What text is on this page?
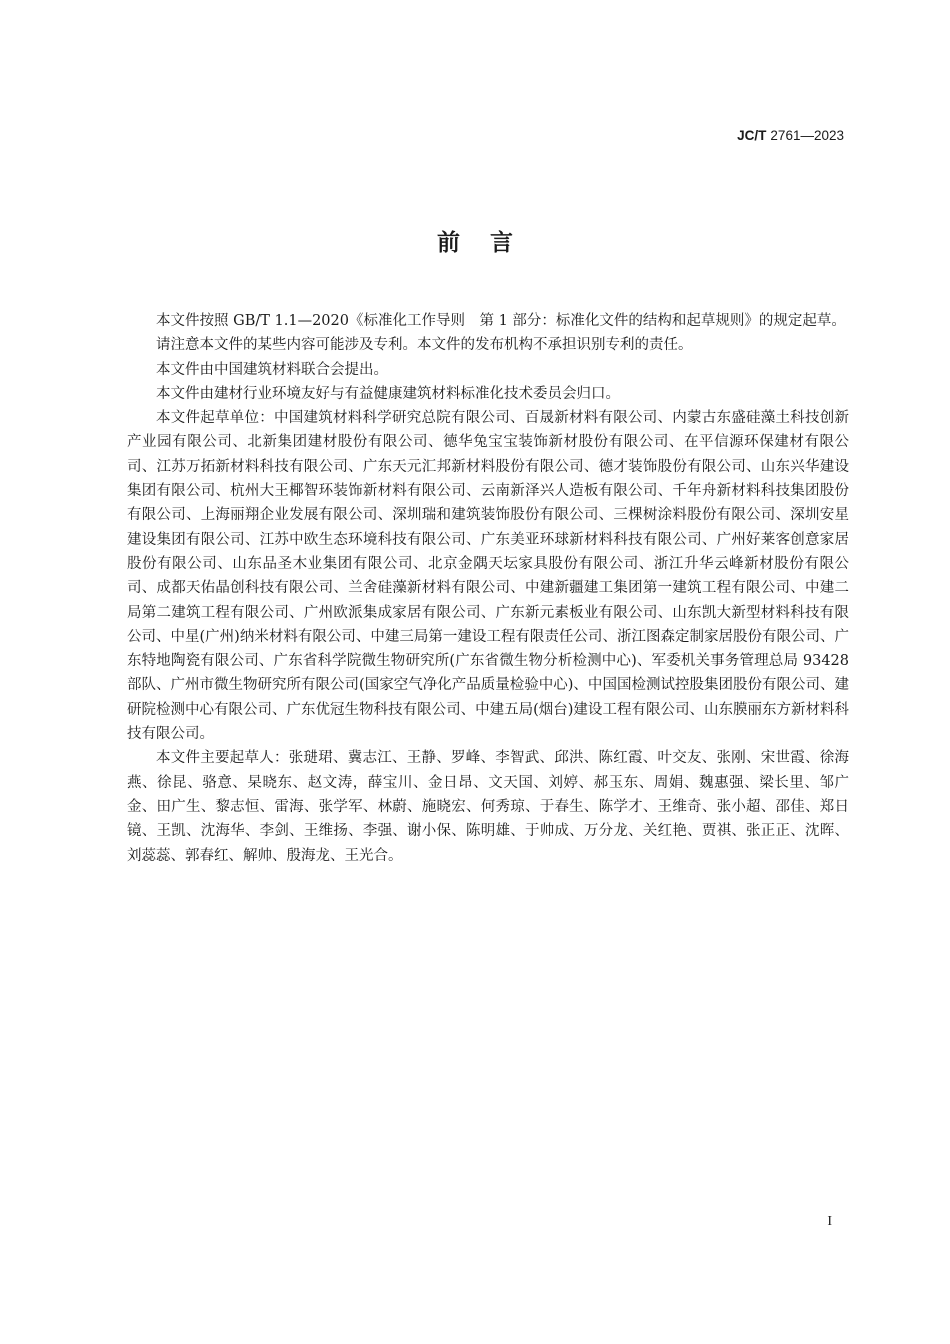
JC/T 2761—2023
前言

本文件按照 GB/T 1.1—2020《标准化工作导则　第 1 部分：标准化文件的结构和起草规则》的规定起草。

请注意本文件的某些内容可能涉及专利。本文件的发布机构不承担识别专利的责任。

本文件由中国建筑材料联合会提出。

本文件由建材行业环境友好与有益健康建筑材料标准化技术委员会归口。

本文件起草单位：中国建筑材料科学研究总院有限公司、百晟新材料有限公司、内蒙古东盛硅藻土科技创新产业园有限公司、北新集团建材股份有限公司、德华兔宝宝装饰新材股份有限公司、在平信源环保建材有限公司、江苏万拓新材料科技有限公司、广东天元汇邦新材料股份有限公司、德才装饰股份有限公司、山东兴华建设集团有限公司、杭州大王椰智环装饰新材料有限公司、云南新泽兴人造板有限公司、千年舟新材料科技集团股份有限公司、上海丽翔企业发展有限公司、深圳瑞和建筑装饰股份有限公司、三棵树涂料股份有限公司、深圳安星建设集团有限公司、江苏中欧生态环境科技有限公司、广东美亚环球新材料科技有限公司、广州好莱客创意家居股份有限公司、山东品圣木业集团有限公司、北京金隅天坛家具股份有限公司、浙江升华云峰新材股份有限公司、成都天佑晶创科技有限公司、兰舍硅藻新材料有限公司、中建新疆建工集团第一建筑工程有限公司、中建二局第二建筑工程有限公司、广州欧派集成家居有限公司、广东新元素板业有限公司、山东凯大新型材料科技有限公司、中星(广州)纳米材料有限公司、中建三局第一建设工程有限责任公司、浙江图森定制家居股份有限公司、广东特地陶瓷有限公司、广东省科学院微生物研究所(广东省微生物分析检测中心)、军委机关事务管理总局 93428 部队、广州市微生物研究所有限公司(国家空气净化产品质量检验中心)、中国国检测试控股集团股份有限公司、建研院检测中心有限公司、广东优冠生物科技有限公司、中建五局(烟台)建设工程有限公司、山东膜丽东方新材料科技有限公司。

本文件主要起草人：张琎珺、冀志江、王静、罗峰、李智武、邱洪、陈红霞、叶交友、张刚、宋世霞、徐海燕、徐昆、骆意、杲晓东、赵文涛，薛宝川、金日昂、文天国、刘婷、郝玉东、周娟、魏惠强、梁长里、邹广金、田广生、黎志恒、雷海、张学军、林蔚、施晓宏、何秀琼、于春生、陈学才、王维奇、张小超、邵佳、郑日镜、王凯、沈海华、李剑、王维扬、李强、谢小保、陈明雄、于帅成、万分龙、关红艳、贾祺、张正正、沈晖、刘蕊蕊、郭春红、解帅、殷海龙、王光合。

I
